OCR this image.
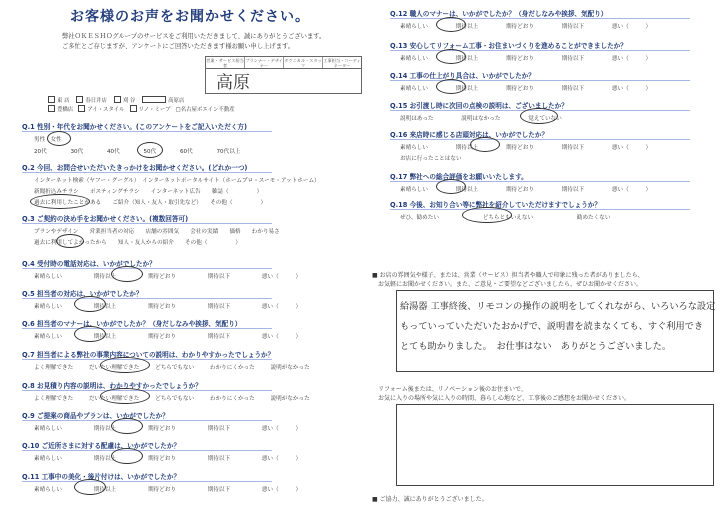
お客様のお声をお聞かせください。
弊社ＯＫＥＳＨＯグループのサービスをご利用いただきまして、誠にありがとうございます。
ご多忙とご存じますが、アンケートにご回答いただきます様お願い申し上げます。
営業・サービス担当者
プランナー・デザイナー
ダクニカル・スタッフ
工事担当・コーディネーター
高原
東 店	春日井店	刈 谷	高原店
豊橋店	アイ・スタイル	リノ・ミーブ □名古屋ボエイン不動産
Q.1 性別・年代をお聞かせください。(このアンケートをご記入いただく方)
男性 女性
20代	30代	40代	50代	60代	70代以上
Q.2 今回、お問合せいただいたきっかけをお聞かせください。(どれか一つ)
インターネット検索（ヤフー・グーグル）　インターネットポータルサイト（ホームプロ・スーモ・アットホーム）
新聞折込みチラシ　　ポスティングチラシ　　インターネット広告　　雑誌（　　　　　）
過去に利用したことがある　　ご紹介（知人・友人・取引先など）　　その他（　　　　　）
Q.3 ご契約の決め手をお聞かせください。(複数回答可)
プランやデザイン　　営業担当者の対応　　店舗の雰囲気　　会社の実績　　価格　　わかり易さ
過去に利用してよかったから　　知人・友人からの紹介　　その他（　　　　　）
Q.4 受付時の電話対応は、いかがでしたか？
素晴らしい	期待以上	期待どおり	期待以下	悪い（　　　）
Q.5 担当者の対応は、いかがでしたか？
素晴らしい	期待以上	期待どおり	期待以下	悪い（　　　）
Q.6 担当者のマナーは、いかがでしたか？（身だしなみや挨拶、気配り）
素晴らしい	期待以上	期待どおり	期待以下	悪い（　　　）
Q.7 担当者による弊社の事業内容についての説明は、わかりやすかったでしょうか？
よく理解できた	だいたい理解できた	どちらでもない	わかりにくかった	説明がなかった
Q.8 お見積り内容の説明は、わかりやすかったでしょうか？
よく理解できた	だいたい理解できた	どちらでもない	わかりにくかった	説明がなかった
Q.9 ご提案の商品やプランは、いかがでしたか？
素晴らしい	期待以上	期待どおり	期待以下	悪い（　　　）
Q.10 ご近所さまに対する配慮は、いかがでしたか？
素晴らしい	期待以上	期待どおり	期待以下	悪い（　　　）
Q.11 工事中の美化・後片付けは、いかがでしたか？
素晴らしい	期待以上	期待どおり	期待以下	悪い（　　　）
Q.12 職人のマナーは、いかがでしたか？（身だしなみや挨拶、気配り）
素晴らしい	期待以上	期待どおり	期待以下	悪い（　　　）
Q.13 安心してリフォーム工事・お住まいづくりを進めることができましたか？
素晴らしい	期待以上	期待どおり	期待以下	悪い（　　　）
Q.14 工事の仕上がり具合は、いかがでしたか？
素晴らしい	期待以上	期待どおり	期待以下	悪い（　　　）
Q.15 お引渡し時に次回の点検の説明は、ございましたか？
説明はあった	説明はなかった	覚えていない
Q.16 来店時に感じる店頭対応は、いかがでしたか？
素晴らしい	期待以上	期待どおり	期待以下	悪い（　　　）
お店に行ったことはない
Q.17 弊社への総合評価をお願いいたします。
素晴らしい	期待以上	期待どおり	期待以下	悪い（　　　）
Q.18 今後、お知り合い等に弊社を紹介していただけますでしょうか？
ぜひ、勧めたい	どちらともいえない	勧めたくない
■ お店の雰囲気や様子、または、営業（サービス）担当者や職人で印象に残った者がありましたら、
　お気軽にお聞かせください。また、ご意見・ご要望などございましたら、ぜひお聞かせください。
給湯器 工事終後、リモコンの操作の説明をしてくれながら、いろいろな設定
もっていっていただいたおかげで、説明書を読まなくても、すぐ利用でき
とても助かりました。　お仕事はない　ありがとうございました。
　リフォーム後または、リノベーション後のお住まいで、
　お気に入りの場所や気に入りの時間、暮らし心地など、工事後のご感想をお聞かせください。
■ ご協力、誠にありがとうございました。
